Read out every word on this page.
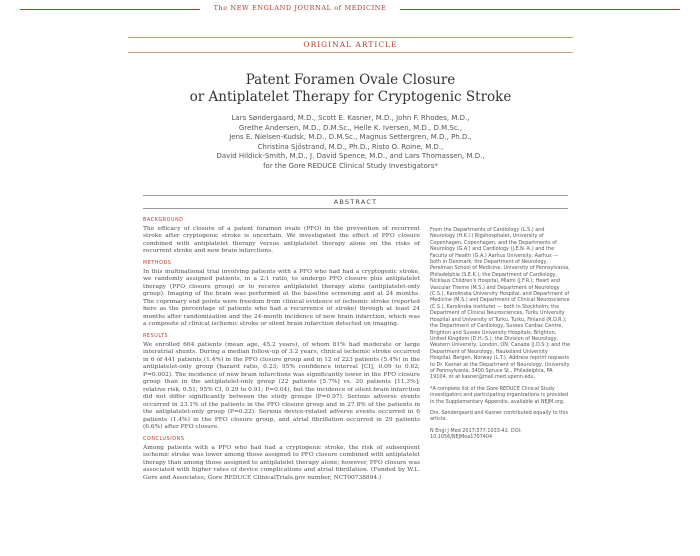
The NEW ENGLAND JOURNAL of MEDICINE
ORIGINAL ARTICLE
Patent Foramen Ovale Closure
or Antiplatelet Therapy for Cryptogenic Stroke
Lars Søndergaard, M.D., Scott E. Kasner, M.D., John F. Rhodes, M.D.,
Grethe Andersen, M.D., D.M.Sc., Helle K. Iversen, M.D., D.M.Sc.,
Jens E. Nielsen-Kudsk, M.D., D.M.Sc., Magnus Settergren, M.D., Ph.D.,
Christina Sjöstrand, M.D., Ph.D., Risto O. Roine, M.D.,
David Hildick-Smith, M.D., J. David Spence, M.D., and Lars Thomassen, M.D.,
for the Gore REDUCE Clinical Study Investigators*
ABSTRACT
BACKGROUND
The efficacy of closure of a patent foramen ovale (PFO) in the prevention of recurrent stroke after cryptogenic stroke is uncertain. We investigated the effect of PFO closure combined with antiplatelet therapy versus antiplatelet therapy alone on the risks of recurrent stroke and new brain infarctions.
METHODS
In this multinational trial involving patients with a PFO who had had a cryptogenic stroke, we randomly assigned patients, in a 2:1 ratio, to undergo PFO closure plus antiplatelet therapy (PFO closure group) or to receive antiplatelet therapy alone (antiplatelet-only group). Imaging of the brain was performed at the baseline screening and at 24 months. The coprimary end points were freedom from clinical evidence of ischemic stroke (reported here as the percentage of patients who had a recurrence of stroke) through at least 24 months after randomization and the 24-month incidence of new brain infarction, which was a composite of clinical ischemic stroke or silent brain infarction detected on imaging.
RESULTS
We enrolled 664 patients (mean age, 45.2 years), of whom 81% had moderate or large interatrial shunts. During a median follow-up of 3.2 years, clinical ischemic stroke occurred in 6 of 441 patients (1.4%) in the PFO closure group and in 12 of 223 patients (5.4%) in the antiplatelet-only group (hazard ratio, 0.23; 95% confidence interval [CI], 0.09 to 0.62; P=0.002). The incidence of new brain infarctions was significantly lower in the PFO closure group than in the antiplatelet-only group (22 patients [5.7%] vs. 20 patients [11.3%]; relative risk, 0.51; 95% CI, 0.29 to 0.91; P=0.04), but the incidence of silent brain infarction did not differ significantly between the study groups (P=0.97). Serious adverse events occurred in 23.1% of the patients in the PFO closure group and in 27.8% of the patients in the antiplatelet-only group (P=0.22). Serious device-related adverse events occurred in 6 patients (1.4%) in the PFO closure group, and atrial fibrillation occurred in 29 patients (6.6%) after PFO closure.
CONCLUSIONS
Among patients with a PFO who had had a cryptogenic stroke, the risk of subsequent ischemic stroke was lower among those assigned to PFO closure combined with antiplatelet therapy than among those assigned to antiplatelet therapy alone; however, PFO closure was associated with higher rates of device complications and atrial fibrillation. (Funded by W.L. Gore and Associates; Gore REDUCE ClinicalTrials.gov number, NCT00738894.)

From the Departments of Cardiology (L.S.) and Neurology (H.K.I.) Rigshospitalet, University of Copenhagen, Copenhagen, and the Departments of Neurology (G.A.) and Cardiology (J.E.N.-K.) and the Faculty of Health (G.A.) Aarhus University, Aarhus — both in Denmark; the Department of Neurology, Perelman School of Medicine, University of Pennsylvania, Philadelphia (S.E.K.); the Department of Cardiology, Nicklaus Children's Hospital, Miami (J.F.R.); Heart and Vascular Theme (M.S.) and Department of Neurology (C.S.), Karolinska University Hospital, and Department of Medicine (M.S.) and Department of Clinical Neuroscience (C.S.), Karolinska Institutet — both in Stockholm; the Department of Clinical Neurosciences, Turku University Hospital and University of Turku, Turku, Finland (R.O.R.); the Department of Cardiology, Sussex Cardiac Centre, Brighton and Sussex University Hospitals, Brighton, United Kingdom (D.H.-S.); the Division of Neurology, Western University, London, ON, Canada (J.D.S.); and the Department of Neurology, Haukeland University Hospital, Bergen, Norway (L.T.). Address reprint requests to Dr. Kasner at the Department of Neurology, University of Pennsylvania, 3400 Spruce St., Philadelphia, PA 19104, or at kasner@mail.med.upenn.edu.

*A complete list of the Gore REDUCE Clinical Study investigators and participating organizations is provided in the Supplementary Appendix, available at NEJM.org.

Drs. Søndergaard and Kasner contributed equally to this article.

N Engl J Med 2017;377:1033-42. DOI: 10.1056/NEJMoa1707404
